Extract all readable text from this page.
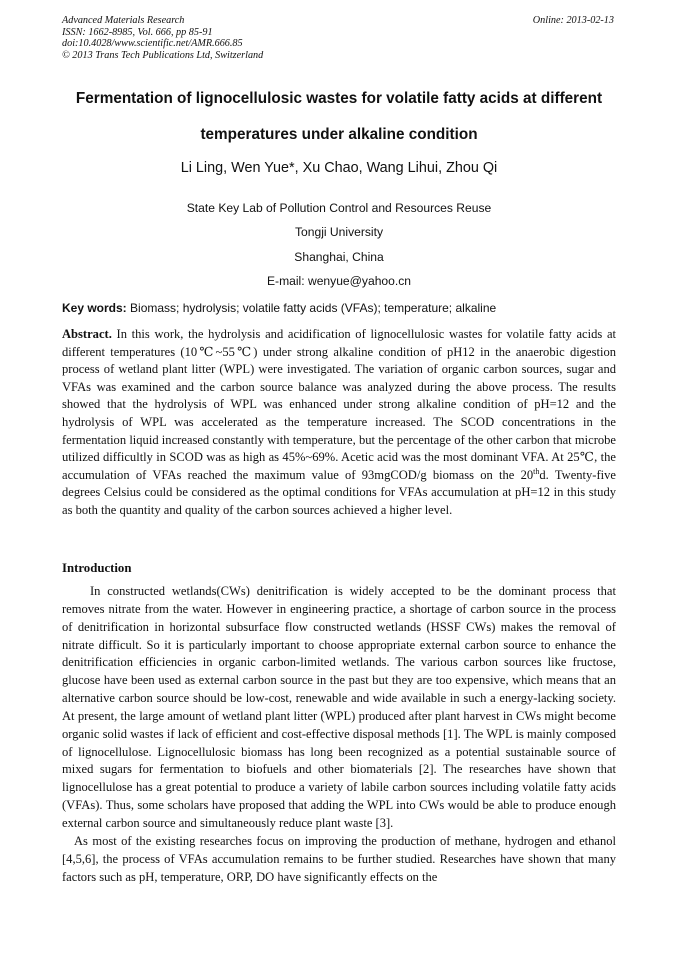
Advanced Materials Research
ISSN: 1662-8985, Vol. 666, pp 85-91
doi:10.4028/www.scientific.net/AMR.666.85
© 2013 Trans Tech Publications Ltd, Switzerland
Online: 2013-02-13
Fermentation of lignocellulosic wastes for volatile fatty acids at different
temperatures under alkaline condition
Li Ling, Wen Yue*, Xu Chao, Wang Lihui, Zhou Qi
State Key Lab of Pollution Control and Resources Reuse
Tongji University
Shanghai, China
E-mail: wenyue@yahoo.cn
Key words: Biomass; hydrolysis; volatile fatty acids (VFAs); temperature; alkaline
Abstract. In this work, the hydrolysis and acidification of lignocellulosic wastes for volatile fatty acids at different temperatures (10℃~55℃) under strong alkaline condition of pH12 in the anaerobic digestion process of wetland plant litter (WPL) were investigated. The variation of organic carbon sources, sugar and VFAs was examined and the carbon source balance was analyzed during the above process. The results showed that the hydrolysis of WPL was enhanced under strong alkaline condition of pH=12 and the hydrolysis of WPL was accelerated as the temperature increased. The SCOD concentrations in the fermentation liquid increased constantly with temperature, but the percentage of the other carbon that microbe utilized difficultly in SCOD was as high as 45%~69%. Acetic acid was the most dominant VFA. At 25℃, the accumulation of VFAs reached the maximum value of 93mgCOD/g biomass on the 20thd. Twenty-five degrees Celsius could be considered as the optimal conditions for VFAs accumulation at pH=12 in this study as both the quantity and quality of the carbon sources achieved a higher level.
Introduction

In constructed wetlands(CWs) denitrification is widely accepted to be the dominant process that removes nitrate from the water. However in engineering practice, a shortage of carbon source in the process of denitrification in horizontal subsurface flow constructed wetlands (HSSF CWs) makes the removal of nitrate difficult. So it is particularly important to choose appropriate external carbon source to enhance the denitrification efficiencies in organic carbon-limited wetlands. The various carbon sources like fructose, glucose have been used as external carbon source in the past but they are too expensive, which means that an alternative carbon source should be low-cost, renewable and wide available in such a energy-lacking society. At present, the large amount of wetland plant litter (WPL) produced after plant harvest in CWs might become organic solid wastes if lack of efficient and cost-effective disposal methods [1]. The WPL is mainly composed of lignocellulose. Lignocellulosic biomass has long been recognized as a potential sustainable source of mixed sugars for fermentation to biofuels and other biomaterials [2]. The researches have shown that lignocellulose has a great potential to produce a variety of labile carbon sources including volatile fatty acids (VFAs). Thus, some scholars have proposed that adding the WPL into CWs would be able to produce enough external carbon source and simultaneously reduce plant waste [3].

As most of the existing researches focus on improving the production of methane, hydrogen and ethanol [4,5,6], the process of VFAs accumulation remains to be further studied. Researches have shown that many factors such as pH, temperature, ORP, DO have significantly effects on the
